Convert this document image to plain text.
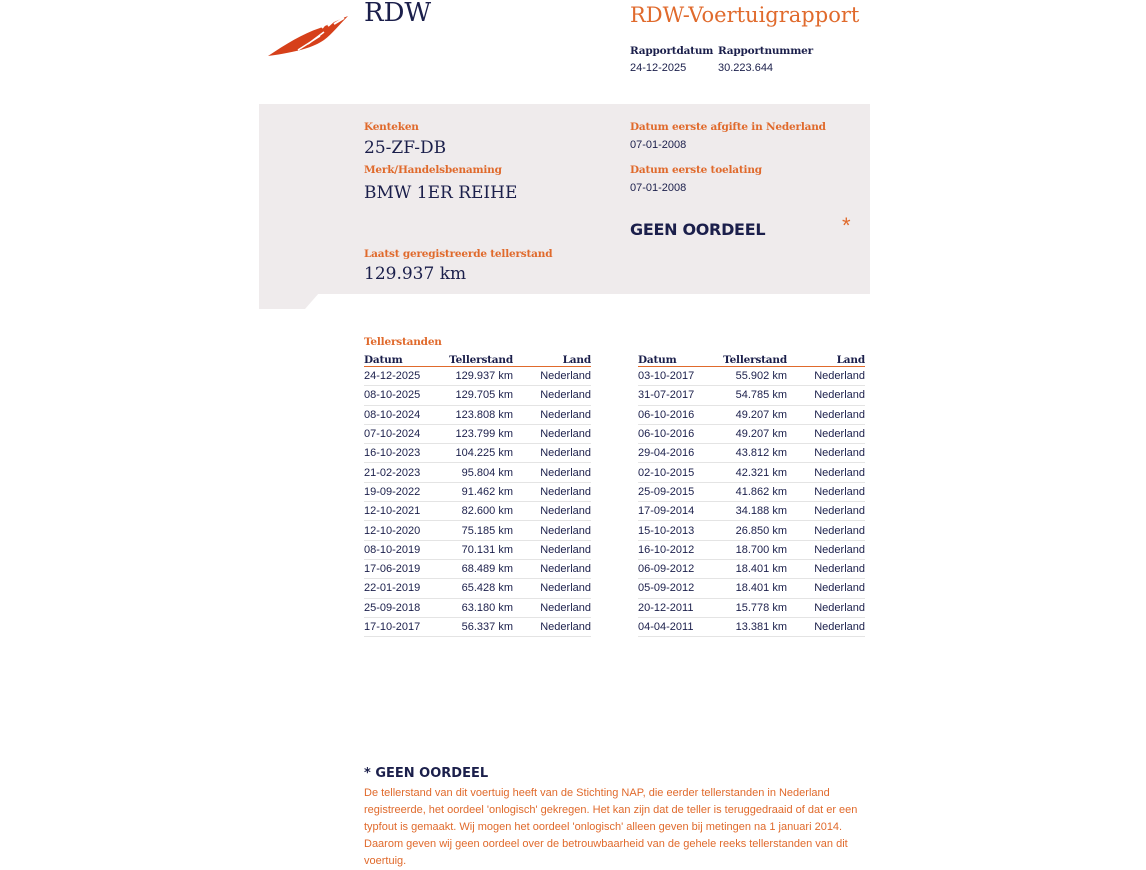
RDW	RDW-Voertuigrapport
Rapportdatum
24-12-2025
Rapportnummer
30.223.644
Kenteken
25-ZF-DB
Merk/Handelsbenaming
BMW 1ER REIHE
Datum eerste afgifte in Nederland
07-01-2008
Datum eerste toelating
07-01-2008
GEEN OORDEEL	*
Laatst geregistreerde tellerstand
129.937 km
Tellerstanden
Datum	Tellerstand	Land
24-12-2025	129.937 km	Nederland
08-10-2025	129.705 km	Nederland
08-10-2024	123.808 km	Nederland
07-10-2024	123.799 km	Nederland
16-10-2023	104.225 km	Nederland
21-02-2023	95.804 km	Nederland
19-09-2022	91.462 km	Nederland
12-10-2021	82.600 km	Nederland
12-10-2020	75.185 km	Nederland
08-10-2019	70.131 km	Nederland
17-06-2019	68.489 km	Nederland
22-01-2019	65.428 km	Nederland
25-09-2018	63.180 km	Nederland
17-10-2017	56.337 km	Nederland
Datum	Tellerstand	Land
03-10-2017	55.902 km	Nederland
31-07-2017	54.785 km	Nederland
06-10-2016	49.207 km	Nederland
06-10-2016	49.207 km	Nederland
29-04-2016	43.812 km	Nederland
02-10-2015	42.321 km	Nederland
25-09-2015	41.862 km	Nederland
17-09-2014	34.188 km	Nederland
15-10-2013	26.850 km	Nederland
16-10-2012	18.700 km	Nederland
06-09-2012	18.401 km	Nederland
05-09-2012	18.401 km	Nederland
20-12-2011	15.778 km	Nederland
04-04-2011	13.381 km	Nederland
* GEEN OORDEEL
De tellerstand van dit voertuig heeft van de Stichting NAP, die eerder tellerstanden in Nederland registreerde, het oordeel 'onlogisch' gekregen. Het kan zijn dat de teller is teruggedraaid of dat er een typfout is gemaakt. Wij mogen het oordeel 'onlogisch' alleen geven bij metingen na 1 januari 2014. Daarom geven wij geen oordeel over de betrouwbaarheid van de gehele reeks tellerstanden van dit voertuig.
